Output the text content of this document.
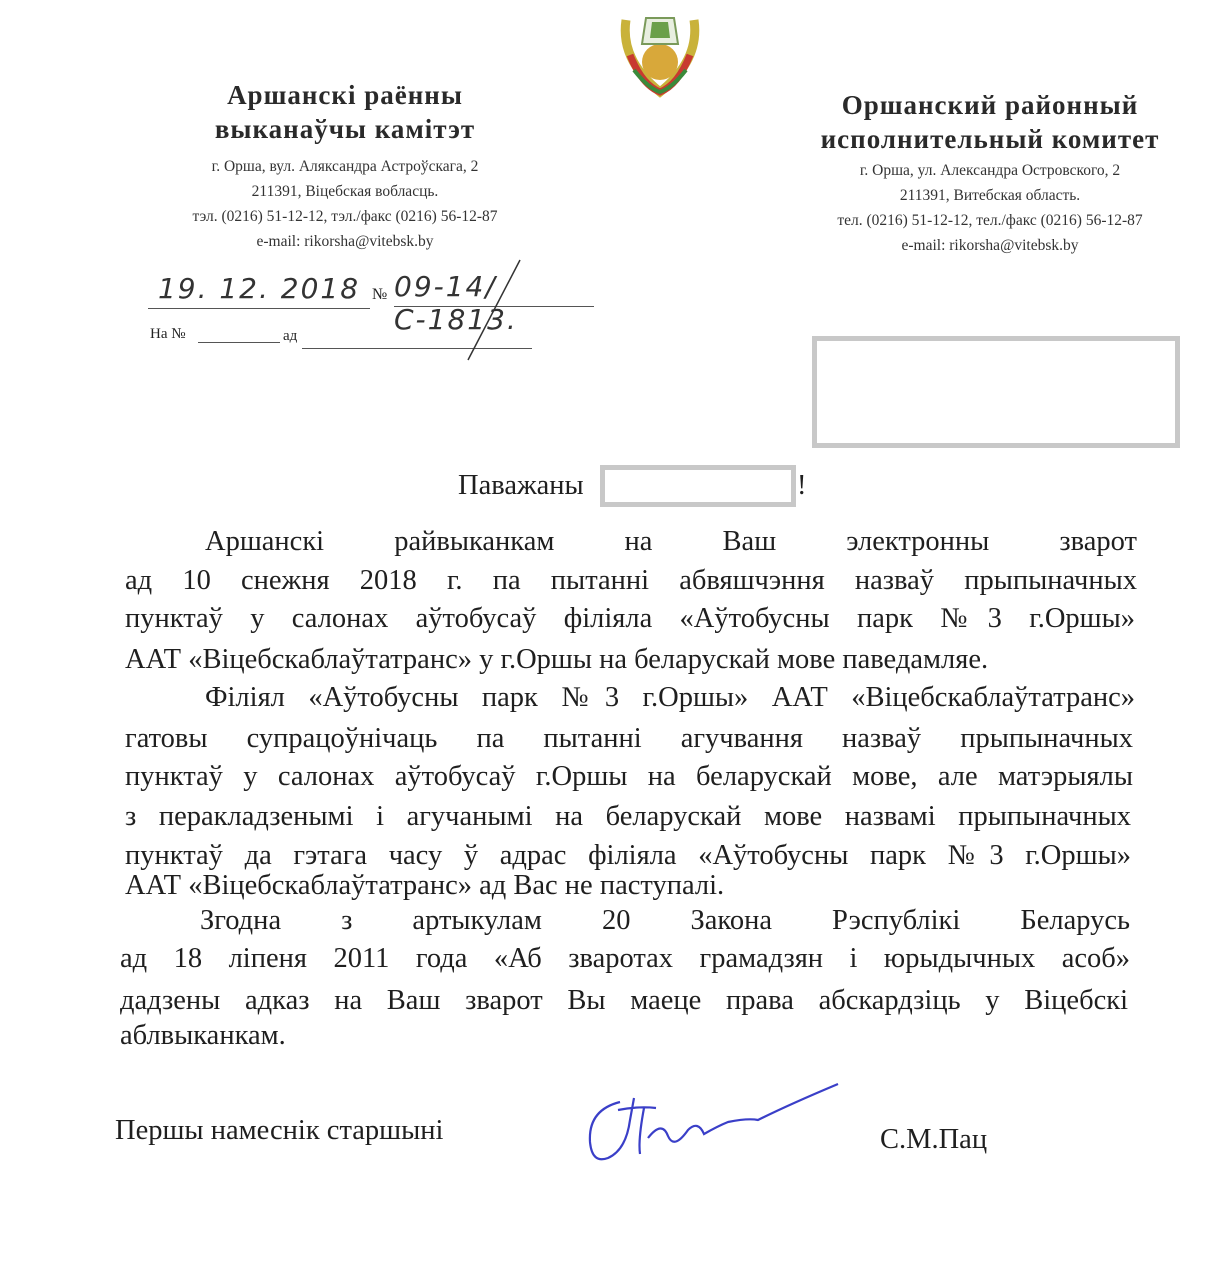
Аршанскі раённы
выканаўчы камітэт
г. Орша, вул. Аляксандра Астроўскага, 2
211391, Віцебская вобласць.
тэл. (0216) 51-12-12, тэл./факс (0216) 56-12-87
e-mail: rikorsha@vitebsk.by
Оршанский районный
исполнительный комитет
г. Орша, ул. Александра Островского, 2
211391, Витебская область.
тел. (0216) 51-12-12, тел./факс (0216) 56-12-87
e-mail: rikorsha@vitebsk.by
19. 12. 2018 № 09-14/С-1813.
На №	ад
Паважаны	!
Аршанскі райвыканкам на Ваш электронны зварот
ад 10 снежня 2018 г. па пытанні абвяшчэння назваў прыпыначных
пунктаў у салонах аўтобусаў філіяла «Аўтобусны парк №3 г.Оршы»
ААТ «Віцебскаблаўтатранс» у г.Оршы на беларускай мове паведамляе.
Філіял «Аўтобусны парк №3 г.Оршы» ААТ «Віцебскаблаўтатранс»
гатовы супрацоўнічаць па пытанні агучвання назваў прыпыначных
пунктаў у салонах аўтобусаў г.Оршы на беларускай мове, але матэрыялы
з перакладзенымі і агучанымі на беларускай мове назвамі прыпыначных
пунктаў да гэтага часу ў адрас філіяла «Аўтобусны парк №3 г.Оршы»
ААТ «Віцебскаблаўтатранс» ад Вас не паступалі.
Згодна з артыкулам 20 Закона Рэспублікі Беларусь
ад 18 ліпеня 2011 года «Аб зваротах грамадзян і юрыдычных асоб»
дадзены адказ на Ваш зварот Вы маеце права абскардзіць у Віцебскі
аблвыканкам.
Першы намеснік старшыні	С.М.Пац
